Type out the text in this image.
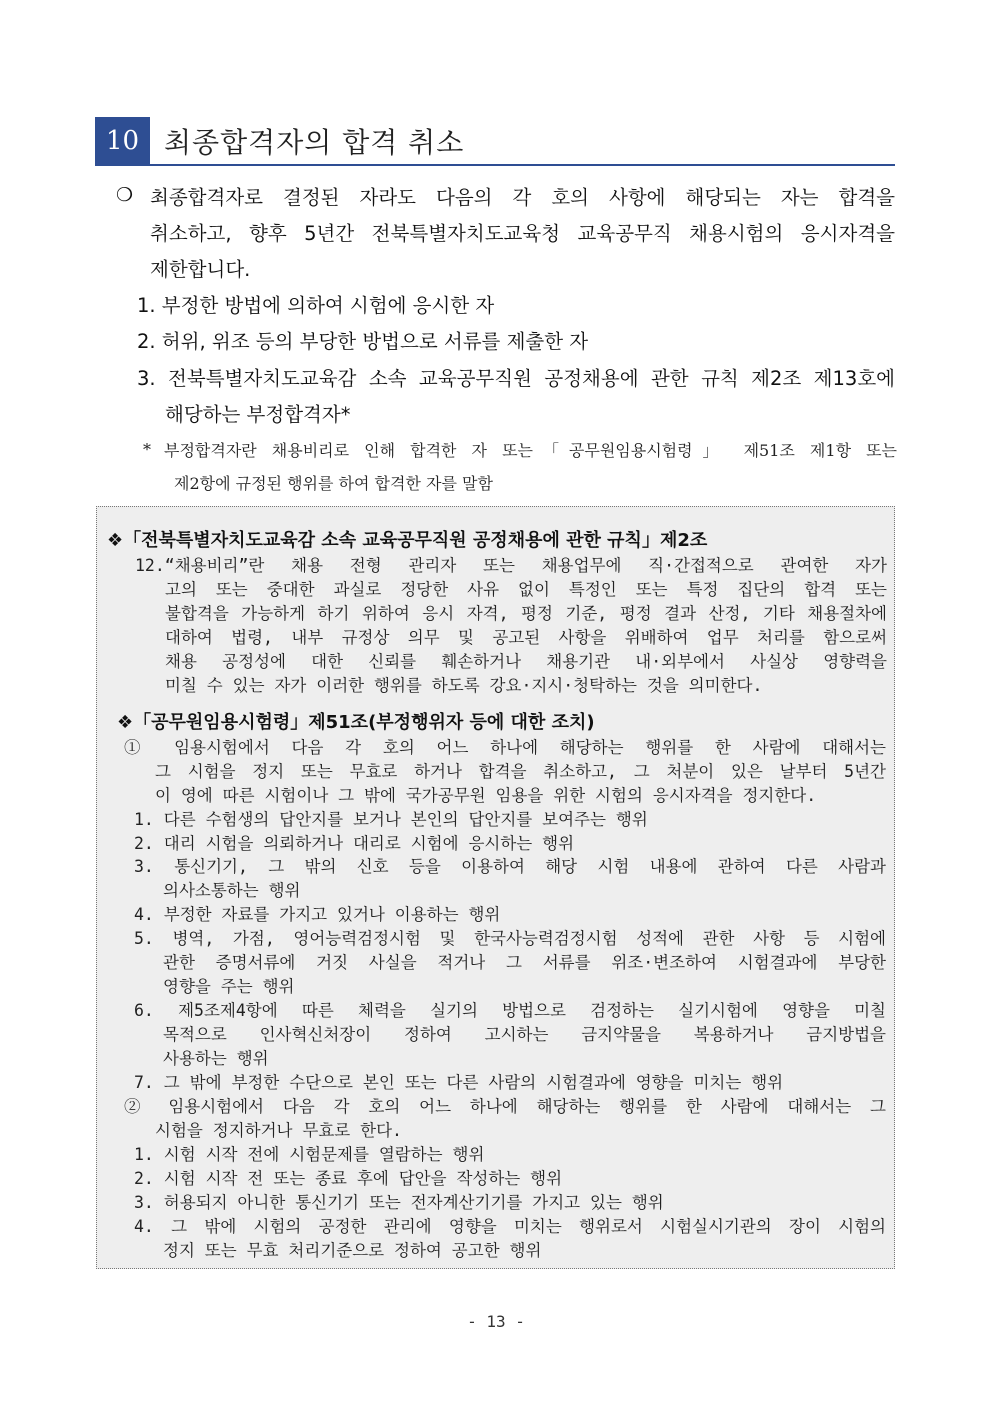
10 최종합격자의 합격 취소
❍ 최종합격자로 결정된 자라도 다음의 각 호의 사항에 해당되는 자는 합격을
취소하고, 향후 5년간 전북특별자치도교육청 교육공무직 채용시험의 응시자격을
제한합니다.
1. 부정한 방법에 의하여 시험에 응시한 자
2. 허위, 위조 등의 부당한 방법으로 서류를 제출한 자
3. 전북특별자치도교육감 소속 교육공무직원 공정채용에 관한 규칙 제2조 제13호에
해당하는 부정합격자*
* 부정합격자란 채용비리로 인해 합격한 자 또는「공무원임용시험령」 제51조 제1항 또는
제2항에 규정된 행위를 하여 합격한 자를 말함
❖「전북특별자치도교육감 소속 교육공무직원 공정채용에 관한 규칙」제2조
12.“채용비리”란 채용 전형 관리자 또는 채용업무에 직·간접적으로 관여한 자가
고의 또는 중대한 과실로 정당한 사유 없이 특정인 또는 특정 집단의 합격 또는
불합격을 가능하게 하기 위하여 응시 자격, 평정 기준, 평정 결과 산정, 기타 채용절차에
대하여 법령, 내부 규정상 의무 및 공고된 사항을 위배하여 업무 처리를 함으로써
채용 공정성에 대한 신뢰를 훼손하거나 채용기관 내·외부에서 사실상 영향력을
미칠 수 있는 자가 이러한 행위를 하도록 강요·지시·청탁하는 것을 의미한다.
❖「공무원임용시험령」제51조(부정행위자 등에 대한 조치)
① 임용시험에서 다음 각 호의 어느 하나에 해당하는 행위를 한 사람에 대해서는
그 시험을 정지 또는 무효로 하거나 합격을 취소하고, 그 처분이 있은 날부터 5년간
이 영에 따른 시험이나 그 밖에 국가공무원 임용을 위한 시험의 응시자격을 정지한다.
1. 다른 수험생의 답안지를 보거나 본인의 답안지를 보여주는 행위
2. 대리 시험을 의뢰하거나 대리로 시험에 응시하는 행위
3. 통신기기, 그 밖의 신호 등을 이용하여 해당 시험 내용에 관하여 다른 사람과
의사소통하는 행위
4. 부정한 자료를 가지고 있거나 이용하는 행위
5. 병역, 가점, 영어능력검정시험 및 한국사능력검정시험 성적에 관한 사항 등 시험에
관한 증명서류에 거짓 사실을 적거나 그 서류를 위조·변조하여 시험결과에 부당한
영향을 주는 행위
6. 제5조제4항에 따른 체력을 실기의 방법으로 검정하는 실기시험에 영향을 미칠
목적으로 인사혁신처장이 정하여 고시하는 금지약물을 복용하거나 금지방법을
사용하는 행위
7. 그 밖에 부정한 수단으로 본인 또는 다른 사람의 시험결과에 영향을 미치는 행위
② 임용시험에서 다음 각 호의 어느 하나에 해당하는 행위를 한 사람에 대해서는 그
시험을 정지하거나 무효로 한다.
1. 시험 시작 전에 시험문제를 열람하는 행위
2. 시험 시작 전 또는 종료 후에 답안을 작성하는 행위
3. 허용되지 아니한 통신기기 또는 전자계산기기를 가지고 있는 행위
4. 그 밖에 시험의 공정한 관리에 영향을 미치는 행위로서 시험실시기관의 장이 시험의
정지 또는 무효 처리기준으로 정하여 공고한 행위
- 13 -
